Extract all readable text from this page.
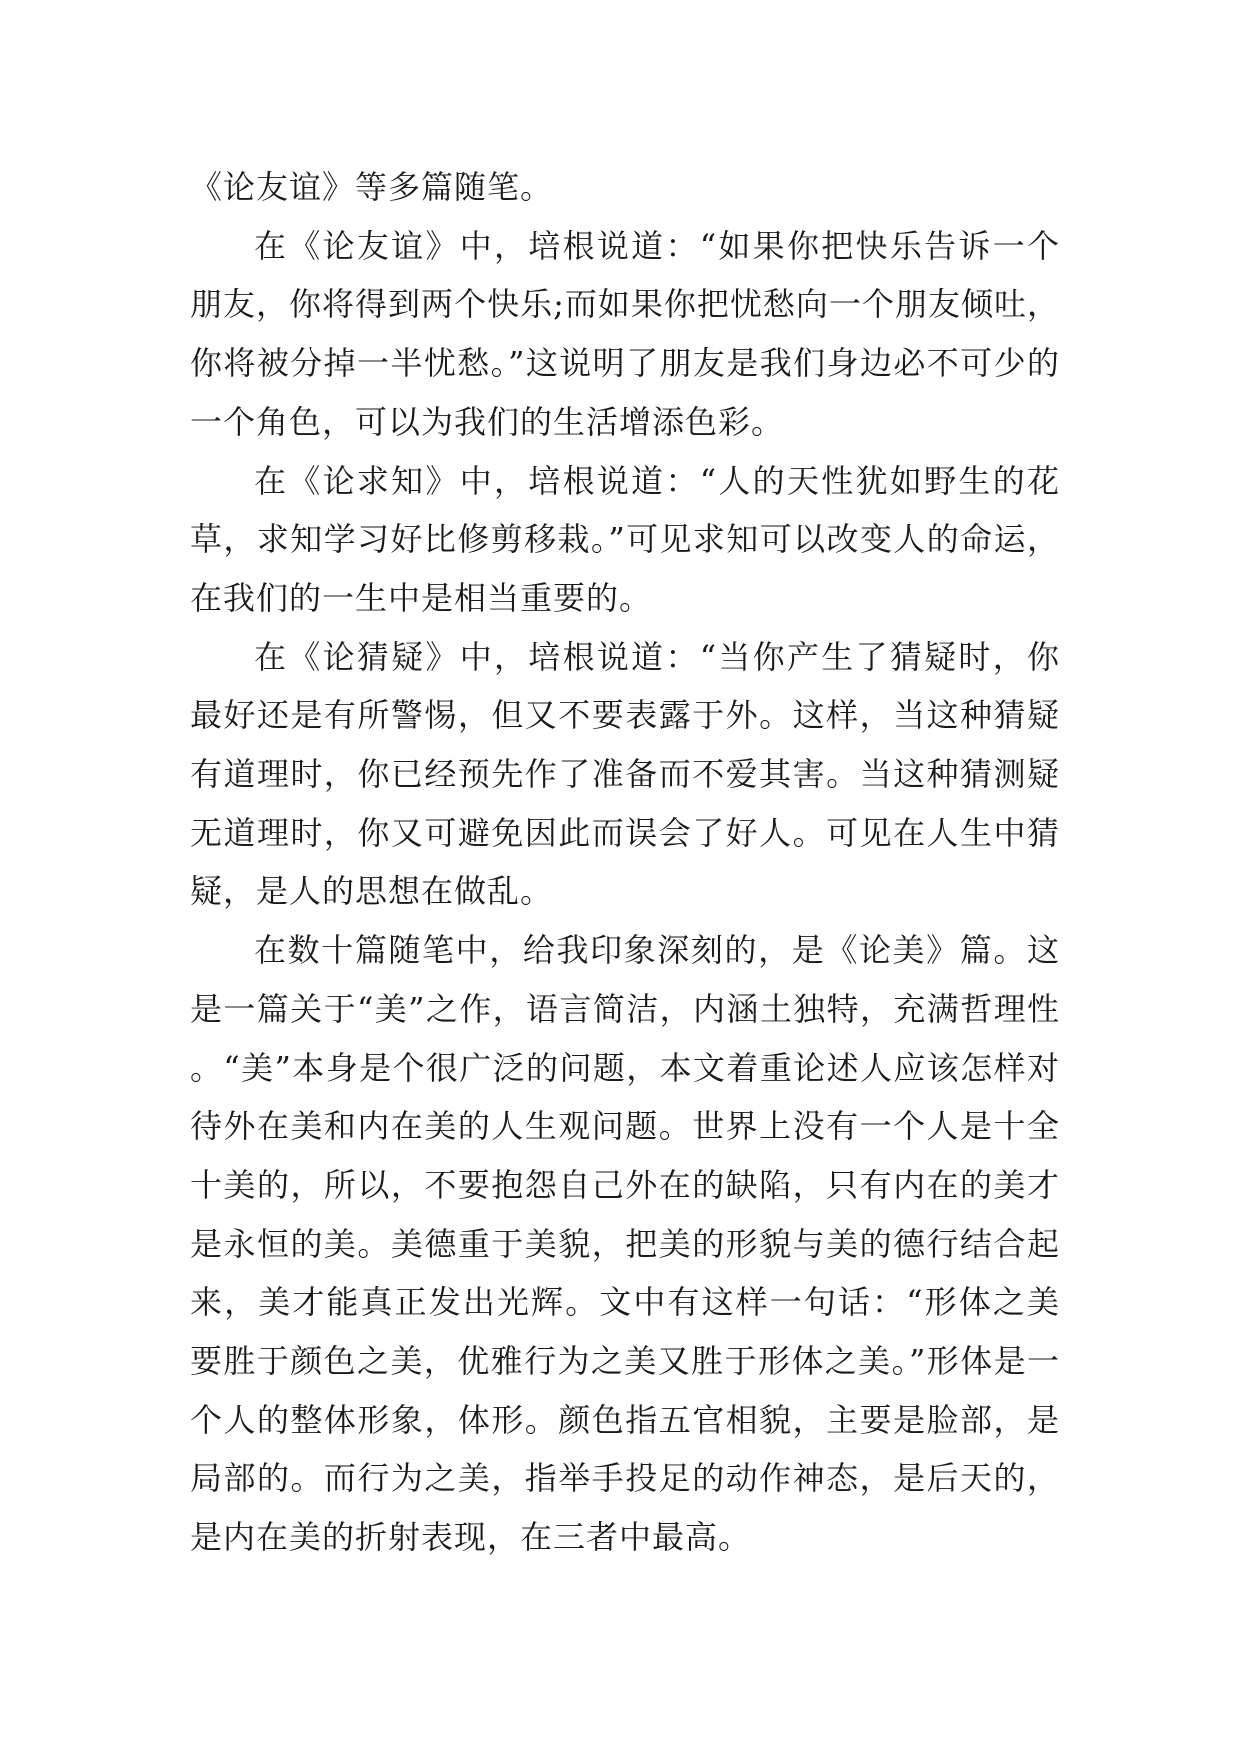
《论友谊》等多篇随笔。

在《论友谊》中，培根说道：“如果你把快乐告诉一个朋友，你将得到两个快乐;而如果你把忧愁向一个朋友倾吐，你将被分掉一半忧愁。”这说明了朋友是我们身边必不可少的一个角色，可以为我们的生活增添色彩。

在《论求知》中，培根说道：“人的天性犹如野生的花草，求知学习好比修剪移栽。”可见求知可以改变人的命运，在我们的一生中是相当重要的。

在《论猜疑》中，培根说道：“当你产生了猜疑时，你最好还是有所警惕，但又不要表露于外。这样，当这种猜疑有道理时，你已经预先作了准备而不爱其害。当这种猜测疑无道理时，你又可避免因此而误会了好人。可见在人生中猜疑，是人的思想在做乱。

在数十篇随笔中，给我印象深刻的，是《论美》篇。这是一篇关于“美”之作，语言简洁，内涵土独特，充满哲理性。“美”本身是个很广泛的问题，本文着重论述人应该怎样对待外在美和内在美的人生观问题。世界上没有一个人是十全十美的，所以，不要抱怨自己外在的缺陷，只有内在的美才是永恒的美。美德重于美貌，把美的形貌与美的德行结合起来，美才能真正发出光辉。文中有这样一句话：“形体之美要胜于颜色之美，优雅行为之美又胜于形体之美。”形体是一个人的整体形象，体形。颜色指五官相貌，主要是脸部，是局部的。而行为之美，指举手投足的动作神态，是后天的，是内在美的折射表现，在三者中最高。
